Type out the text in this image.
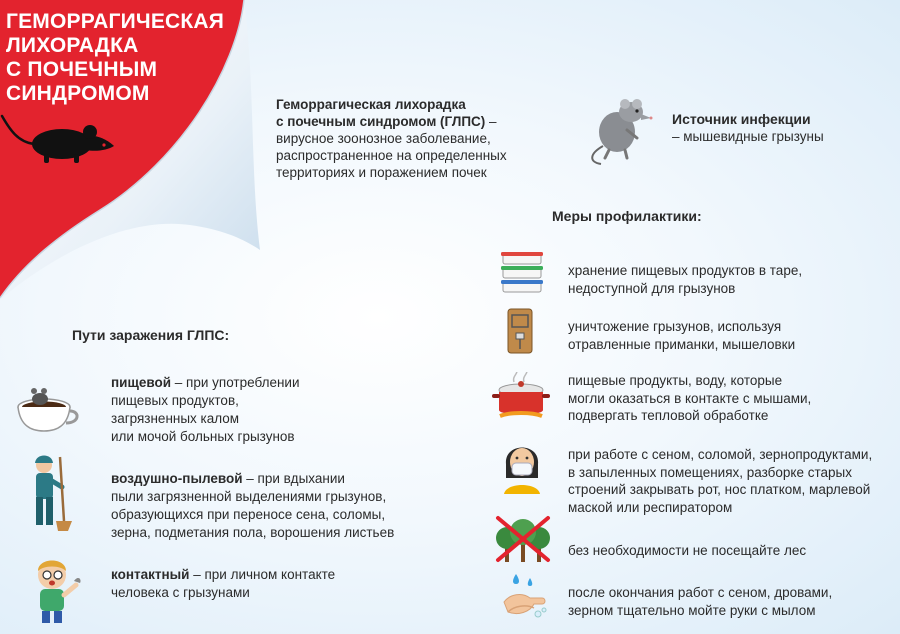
ГЕМОРРАГИЧЕСКАЯ
ЛИХОРАДКА
С ПОЧЕЧНЫМ
СИНДРОМОМ	Геморрагическая лихорадка
с почечным синдромом (ГЛПС) –
вирусное зоонозное заболевание,
распространенное на определенных
территориях и поражением почек
Источник инфекции
– мышевидные грызуны
Меры профилактики:
Пути заражения ГЛПС:
пищевой – при употреблении
пищевых продуктов,
загрязненных калом
или мочой больных грызунов
воздушно-пылевой – при вдыхании
пыли загрязненной выделениями грызунов,
образующихся при переносе сена, соломы,
зерна, подметания пола, ворошения листьев
контактный – при личном контакте
человека с грызунами
хранение пищевых продуктов в таре,
недоступной для грызунов
уничтожение грызунов, используя
отравленные приманки, мышеловки
пищевые продукты, воду, которые
могли оказаться в контакте с мышами,
подвергать тепловой обработке
при работе с сеном, соломой, зернопродуктами,
в запыленных помещениях, разборке старых
строений закрывать рот, нос платком, марлевой
маской или респиратором
без необходимости не посещайте лес
после окончания работ с сеном, дровами,
зерном тщательно мойте руки с мылом
